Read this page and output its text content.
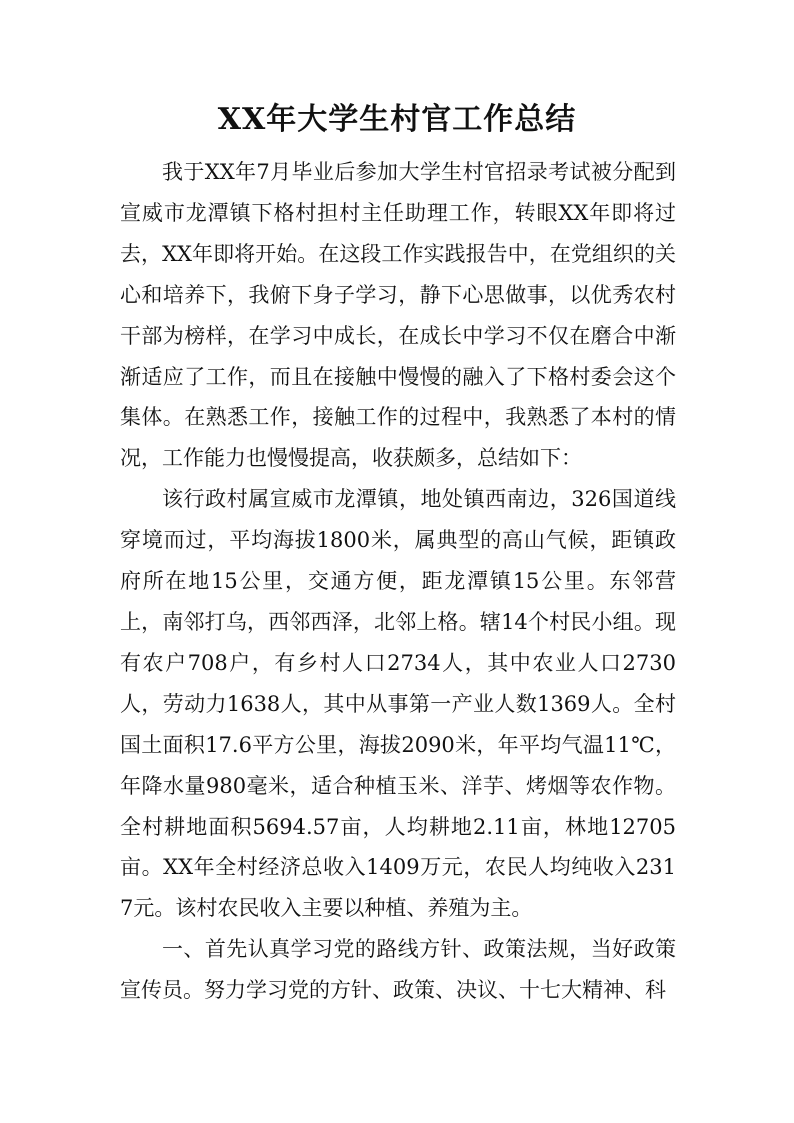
XX年大学生村官工作总结

我于XX年7月毕业后参加大学生村官招录考试被分配到宣威市龙潭镇下格村担村主任助理工作，转眼XX年即将过去，XX年即将开始。在这段工作实践报告中，在党组织的关心和培养下，我俯下身子学习，静下心思做事，以优秀农村干部为榜样，在学习中成长，在成长中学习不仅在磨合中渐渐适应了工作，而且在接触中慢慢的融入了下格村委会这个集体。在熟悉工作，接触工作的过程中，我熟悉了本村的情况，工作能力也慢慢提高，收获颇多，总结如下：

该行政村属宣威市龙潭镇，地处镇西南边，326国道线穿境而过，平均海拔1800米，属典型的高山气候，距镇政府所在地15公里，交通方便，距龙潭镇15公里。东邻营上，南邻打乌，西邻西泽，北邻上格。辖14个村民小组。现有农户708户，有乡村人口2734人，其中农业人口2730人，劳动力1638人，其中从事第一产业人数1369人。全村国土面积17.6平方公里，海拔2090米，年平均气温11℃，年降水量980毫米，适合种植玉米、洋芋、烤烟等农作物。全村耕地面积5694.57亩，人均耕地2.11亩，林地12705亩。XX年全村经济总收入1409万元，农民人均纯收入2317元。该村农民收入主要以种植、养殖为主。

一、首先认真学习党的路线方针、政策法规，当好政策宣传员。努力学习党的方针、政策、决议、十七大精神、科
